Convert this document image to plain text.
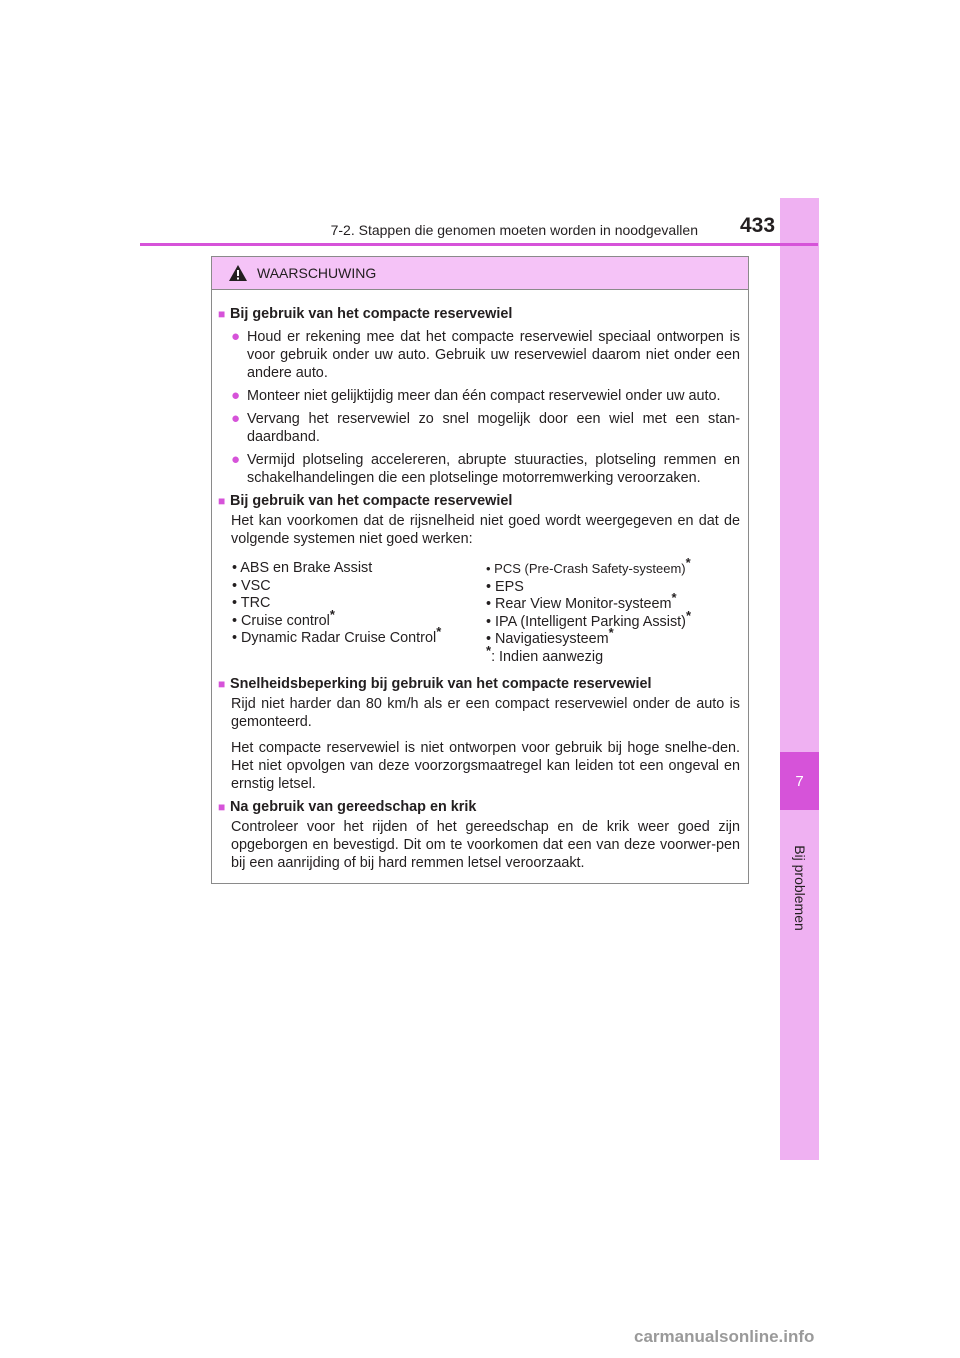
7
Bij problemen
7-2. Stappen die genomen moeten worden in noodgevallen 433
WAARSCHUWING
■ Bij gebruik van het compacte reservewiel
● Houd er rekening mee dat het compacte reservewiel speciaal ontworpen is voor gebruik onder uw auto. Gebruik uw reservewiel daarom niet onder een andere auto.
● Monteer niet gelijktijdig meer dan één compact reservewiel onder uw auto.
● Vervang het reservewiel zo snel mogelijk door een wiel met een stan-daardband.
● Vermijd plotseling accelereren, abrupte stuuracties, plotseling remmen en schakelhandelingen die een plotselinge motorremwerking veroorzaken.
■ Bij gebruik van het compacte reservewiel
Het kan voorkomen dat de rijsnelheid niet goed wordt weergegeven en dat de volgende systemen niet goed werken:
• ABS en Brake Assist
• VSC
• TRC
• Cruise control*
• Dynamic Radar Cruise Control*
• PCS (Pre-Crash Safety-systeem)*
• EPS
• Rear View Monitor-systeem*
• IPA (Intelligent Parking Assist)*
• Navigatiesysteem*
*: Indien aanwezig
■ Snelheidsbeperking bij gebruik van het compacte reservewiel
Rijd niet harder dan 80 km/h als er een compact reservewiel onder de auto is gemonteerd.
Het compacte reservewiel is niet ontworpen voor gebruik bij hoge snelhe-den. Het niet opvolgen van deze voorzorgsmaatregel kan leiden tot een ongeval en ernstig letsel.
■ Na gebruik van gereedschap en krik
Controleer voor het rijden of het gereedschap en de krik weer goed zijn opgeborgen en bevestigd. Dit om te voorkomen dat een van deze voorwer-pen bij een aanrijding of bij hard remmen letsel veroorzaakt.
carmanualsonline.info
